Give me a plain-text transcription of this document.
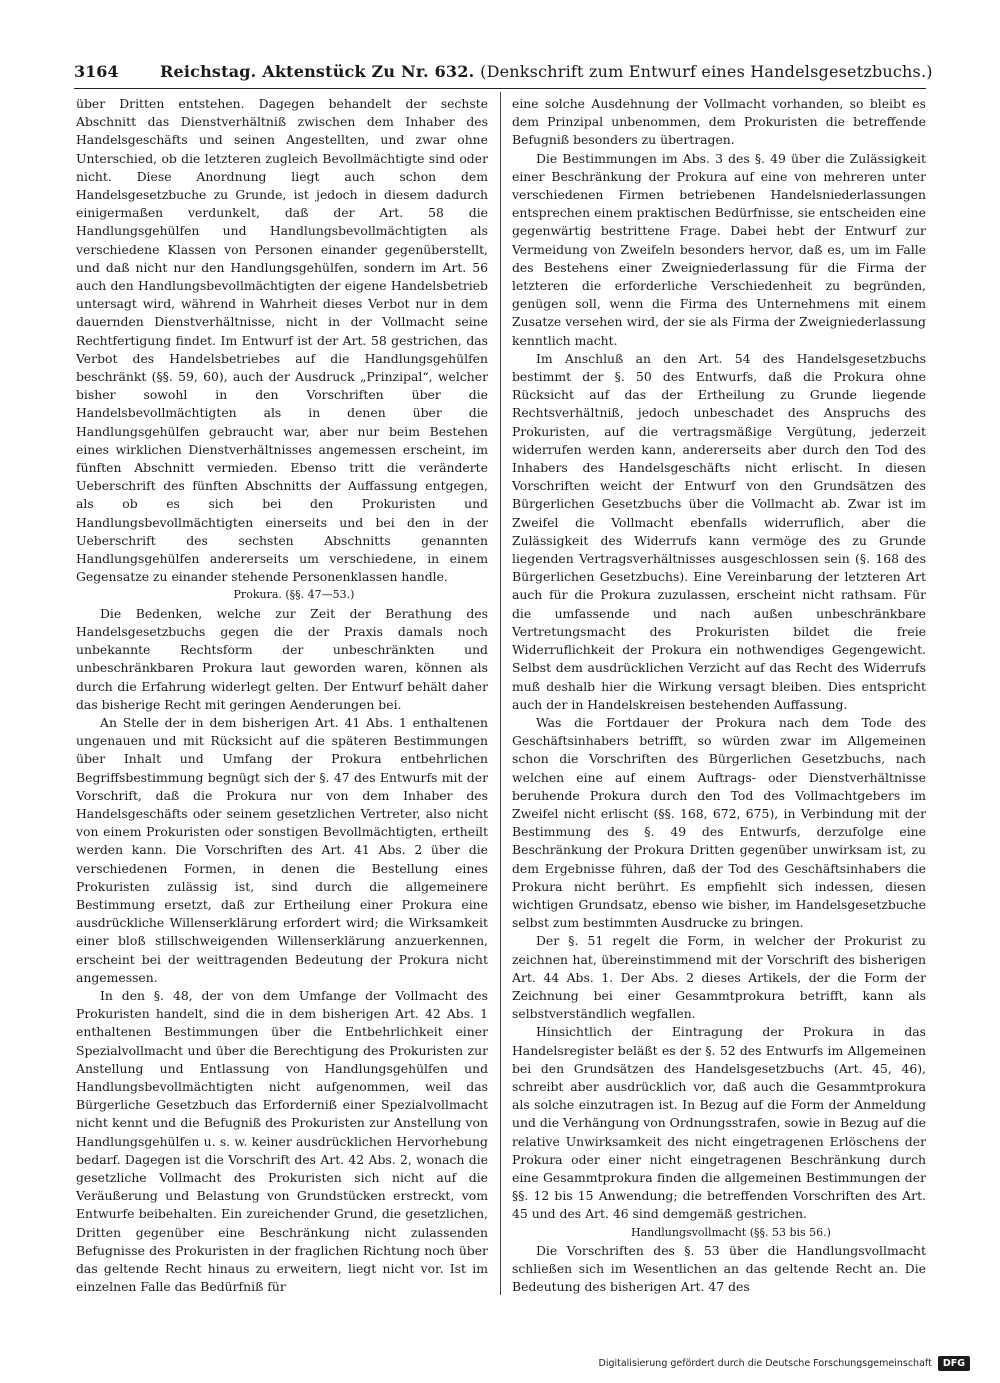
3164	Reichstag. Aktenstück Zu Nr. 632. (Denkschrift zum Entwurf eines Handelsgesetzbuchs.)

über Dritten entstehen. Dagegen behandelt der sechste Abschnitt das Dienstverhältniß zwischen dem Inhaber des Handelsgeschäfts und seinen Angestellten, und zwar ohne Unterschied, ob die letzteren zugleich Bevollmächtigte sind oder nicht. Diese Anordnung liegt auch schon dem Handelsgesetzbuche zu Grunde, ist jedoch in diesem dadurch einigermaßen verdunkelt, daß der Art. 58 die Handlungsgehülfen und Handlungsbevollmächtigten als verschiedene Klassen von Personen einander gegenüberstellt, und daß nicht nur den Handlungsgehülfen, sondern im Art. 56 auch den Handlungsbevollmächtigten der eigene Handelsbetrieb untersagt wird, während in Wahrheit dieses Verbot nur in dem dauernden Dienstverhältnisse, nicht in der Vollmacht seine Rechtfertigung findet. Im Entwurf ist der Art. 58 gestrichen, das Verbot des Handelsbetriebes auf die Handlungsgehülfen beschränkt (§§. 59, 60), auch der Ausdruck „Prinzipal“, welcher bisher sowohl in den Vorschriften über die Handelsbevollmächtigten als in denen über die Handlungsgehülfen gebraucht war, aber nur beim Bestehen eines wirklichen Dienstverhältnisses angemessen erscheint, im fünften Abschnitt vermieden. Ebenso tritt die veränderte Ueberschrift des fünften Abschnitts der Auffassung entgegen, als ob es sich bei den Prokuristen und Handlungsbevollmächtigten einerseits und bei den in der Ueberschrift des sechsten Abschnitts genannten Handlungsgehülfen andererseits um verschiedene, in einem Gegensatze zu einander stehende Personenklassen handle.

Prokura. (§§. 47—53.)

Die Bedenken, welche zur Zeit der Berathung des Handelsgesetzbuchs gegen die der Praxis damals noch unbekannte Rechtsform der unbeschränkten und unbeschränkbaren Prokura laut geworden waren, können als durch die Erfahrung widerlegt gelten. Der Entwurf behält daher das bisherige Recht mit geringen Aenderungen bei.

An Stelle der in dem bisherigen Art. 41 Abs. 1 enthaltenen ungenauen und mit Rücksicht auf die späteren Bestimmungen über Inhalt und Umfang der Prokura entbehrlichen Begriffsbestimmung begnügt sich der §. 47 des Entwurfs mit der Vorschrift, daß die Prokura nur von dem Inhaber des Handelsgeschäfts oder seinem gesetzlichen Vertreter, also nicht von einem Prokuristen oder sonstigen Bevollmächtigten, ertheilt werden kann. Die Vorschriften des Art. 41 Abs. 2 über die verschiedenen Formen, in denen die Bestellung eines Prokuristen zulässig ist, sind durch die allgemeinere Bestimmung ersetzt, daß zur Ertheilung einer Prokura eine ausdrückliche Willenserklärung erfordert wird; die Wirksamkeit einer bloß stillschweigenden Willenserklärung anzuerkennen, erscheint bei der weittragenden Bedeutung der Prokura nicht angemessen.

In den §. 48, der von dem Umfange der Vollmacht des Prokuristen handelt, sind die in dem bisherigen Art. 42 Abs. 1 enthaltenen Bestimmungen über die Entbehrlichkeit einer Spezialvollmacht und über die Berechtigung des Prokuristen zur Anstellung und Entlassung von Handlungsgehülfen und Handlungsbevollmächtigten nicht aufgenommen, weil das Bürgerliche Gesetzbuch das Erforderniß einer Spezialvollmacht nicht kennt und die Befugniß des Prokuristen zur Anstellung von Handlungsgehülfen u. s. w. keiner ausdrücklichen Hervorhebung bedarf. Dagegen ist die Vorschrift des Art. 42 Abs. 2, wonach die gesetzliche Vollmacht des Prokuristen sich nicht auf die Veräußerung und Belastung von Grundstücken erstreckt, vom Entwurfe beibehalten. Ein zureichender Grund, die gesetzlichen, Dritten gegenüber eine Beschränkung nicht zulassenden Befugnisse des Prokuristen in der fraglichen Richtung noch über das geltende Recht hinaus zu erweitern, liegt nicht vor. Ist im einzelnen Falle das Bedürfniß für

eine solche Ausdehnung der Vollmacht vorhanden, so bleibt es dem Prinzipal unbenommen, dem Prokuristen die betreffende Befugniß besonders zu übertragen.

Die Bestimmungen im Abs. 3 des §. 49 über die Zulässigkeit einer Beschränkung der Prokura auf eine von mehreren unter verschiedenen Firmen betriebenen Handelsniederlassungen entsprechen einem praktischen Bedürfnisse, sie entscheiden eine gegenwärtig bestrittene Frage. Dabei hebt der Entwurf zur Vermeidung von Zweifeln besonders hervor, daß es, um im Falle des Bestehens einer Zweigniederlassung für die Firma der letzteren die erforderliche Verschiedenheit zu begründen, genügen soll, wenn die Firma des Unternehmens mit einem Zusatze versehen wird, der sie als Firma der Zweigniederlassung kenntlich macht.

Im Anschluß an den Art. 54 des Handelsgesetzbuchs bestimmt der §. 50 des Entwurfs, daß die Prokura ohne Rücksicht auf das der Ertheilung zu Grunde liegende Rechtsverhältniß, jedoch unbeschadet des Anspruchs des Prokuristen, auf die vertragsmäßige Vergütung, jederzeit widerrufen werden kann, andererseits aber durch den Tod des Inhabers des Handelsgeschäfts nicht erlischt. In diesen Vorschriften weicht der Entwurf von den Grundsätzen des Bürgerlichen Gesetzbuchs über die Vollmacht ab. Zwar ist im Zweifel die Vollmacht ebenfalls widerruflich, aber die Zulässigkeit des Widerrufs kann vermöge des zu Grunde liegenden Vertragsverhältnisses ausgeschlossen sein (§. 168 des Bürgerlichen Gesetzbuchs). Eine Vereinbarung der letzteren Art auch für die Prokura zuzulassen, erscheint nicht rathsam. Für die umfassende und nach außen unbeschränkbare Vertretungsmacht des Prokuristen bildet die freie Widerruflichkeit der Prokura ein nothwendiges Gegengewicht. Selbst dem ausdrücklichen Verzicht auf das Recht des Widerrufs muß deshalb hier die Wirkung versagt bleiben. Dies entspricht auch der in Handelskreisen bestehenden Auffassung.

Was die Fortdauer der Prokura nach dem Tode des Geschäftsinhabers betrifft, so würden zwar im Allgemeinen schon die Vorschriften des Bürgerlichen Gesetzbuchs, nach welchen eine auf einem Auftrags- oder Dienstverhältnisse beruhende Prokura durch den Tod des Vollmachtgebers im Zweifel nicht erlischt (§§. 168, 672, 675), in Verbindung mit der Bestimmung des §. 49 des Entwurfs, derzufolge eine Beschränkung der Prokura Dritten gegenüber unwirksam ist, zu dem Ergebnisse führen, daß der Tod des Geschäftsinhabers die Prokura nicht berührt. Es empfiehlt sich indessen, diesen wichtigen Grundsatz, ebenso wie bisher, im Handelsgesetzbuche selbst zum bestimmten Ausdrucke zu bringen.

Der §. 51 regelt die Form, in welcher der Prokurist zu zeichnen hat, übereinstimmend mit der Vorschrift des bisherigen Art. 44 Abs. 1. Der Abs. 2 dieses Artikels, der die Form der Zeichnung bei einer Gesammtprokura betrifft, kann als selbstverständlich wegfallen.

Hinsichtlich der Eintragung der Prokura in das Handelsregister beläßt es der §. 52 des Entwurfs im Allgemeinen bei den Grundsätzen des Handelsgesetzbuchs (Art. 45, 46), schreibt aber ausdrücklich vor, daß auch die Gesammtprokura als solche einzutragen ist. In Bezug auf die Form der Anmeldung und die Verhängung von Ordnungsstrafen, sowie in Bezug auf die relative Unwirksamkeit des nicht eingetragenen Erlöschens der Prokura oder einer nicht eingetragenen Beschränkung durch eine Gesammtprokura finden die allgemeinen Bestimmungen der §§. 12 bis 15 Anwendung; die betreffenden Vorschriften des Art. 45 und des Art. 46 sind demgemäß gestrichen.

Handlungsvollmacht (§§. 53 bis 56.)

Die Vorschriften des §. 53 über die Handlungsvollmacht schließen sich im Wesentlichen an das geltende Recht an. Die Bedeutung des bisherigen Art. 47 des

Digitalisierung gefördert durch die Deutsche Forschungsgemeinschaft	DFG
